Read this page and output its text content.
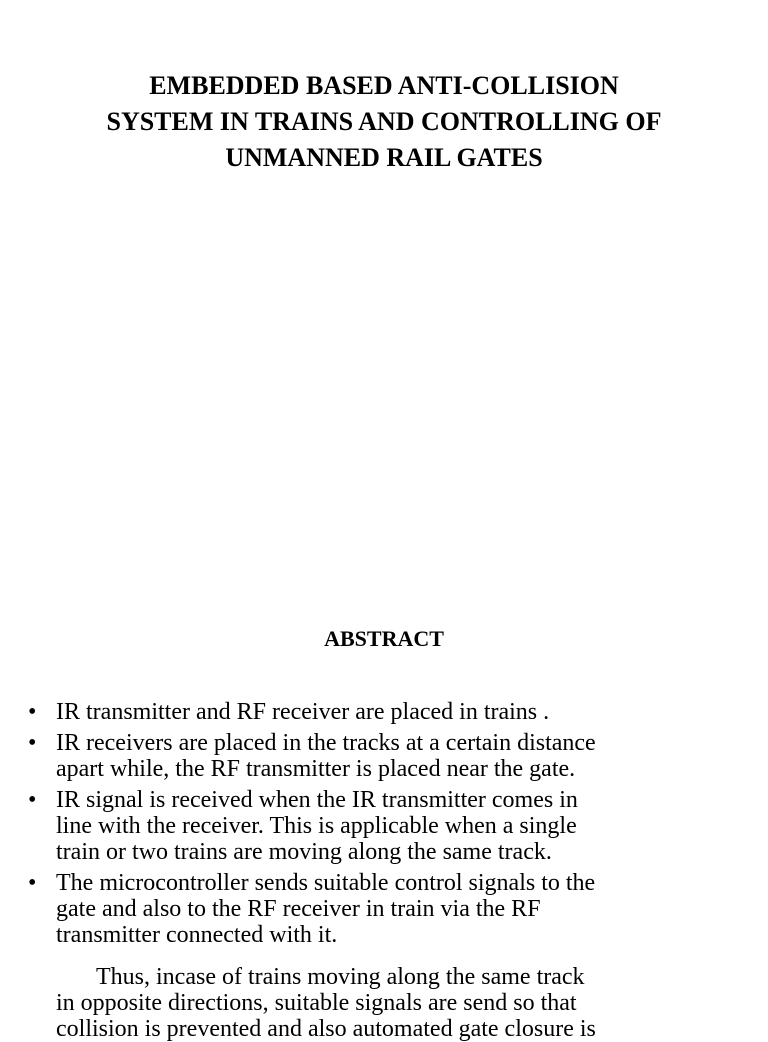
EMBEDDED BASED ANTI-COLLISION
SYSTEM IN TRAINS AND CONTROLLING OF
UNMANNED RAIL GATES
ABSTRACT
• IR transmitter and RF receiver are placed in trains .
• IR receivers are placed in the tracks at a certain distance
apart while, the RF transmitter is placed near the gate.
• IR signal is received when the IR transmitter comes in
line with the receiver. This is applicable when a single
train or two trains are moving along the same track.
• The microcontroller sends suitable control signals to the
gate and also to the RF receiver in train via the RF
transmitter connected with it.
Thus, incase of trains moving along the same track
in opposite directions, suitable signals are send so that
collision is prevented and also automated gate closure is
